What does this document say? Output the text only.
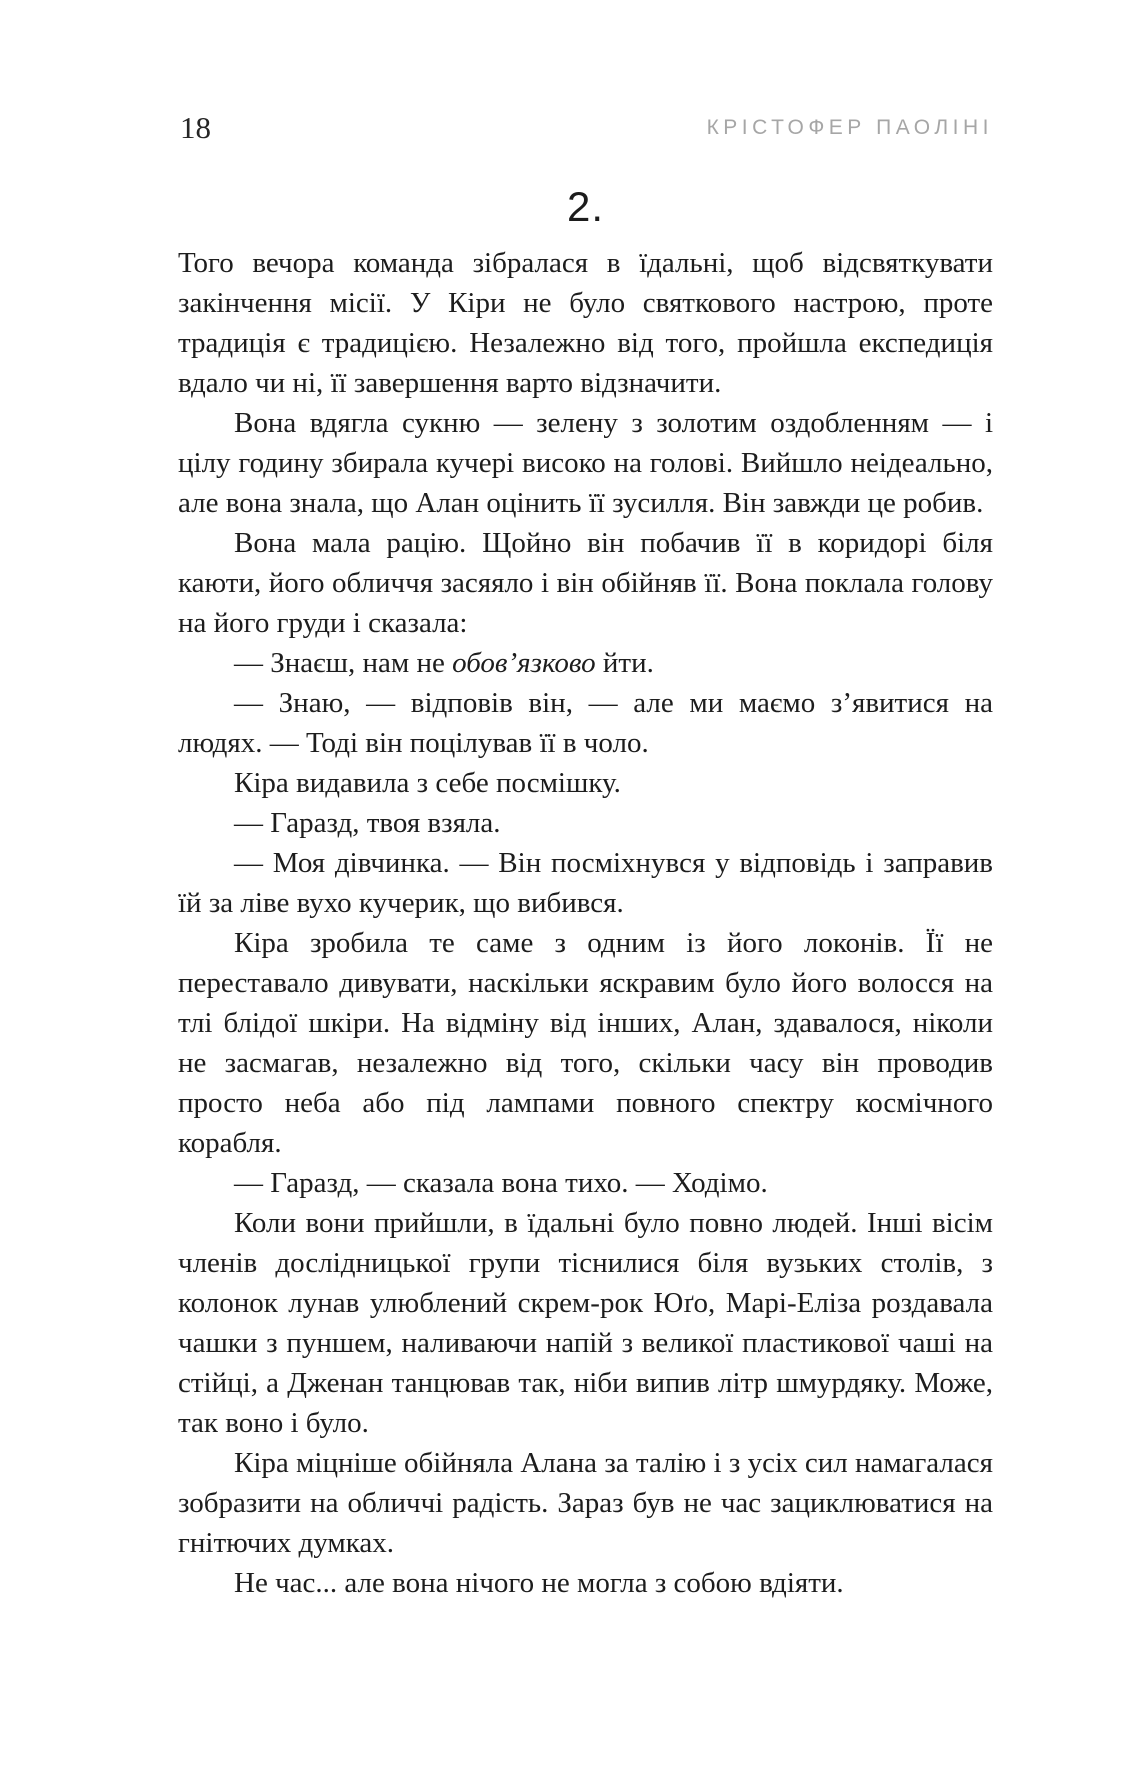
18	КРІСТОФЕР ПАОЛІНІ
2.

Того вечора команда зібралася в їдальні, щоб відсвяткувати закінчення місії. У Кіри не було святкового настрою, проте традиція є традицією. Незалежно від того, пройшла експедиція вдало чи ні, її завершення варто відзначити.

Вона вдягла сукню — зелену з золотим оздобленням — і цілу годину збирала кучері високо на голові. Вийшло неідеально, але вона знала, що Алан оцінить її зусилля. Він завжди це робив.

Вона мала рацію. Щойно він побачив її в коридорі біля каюти, його обличчя засяяло і він обійняв її. Вона поклала голову на його груди і сказала:

— Знаєш, нам не обов’язково йти.

— Знаю, — відповів він, — але ми маємо з’явитися на людях. — Тоді він поцілував її в чоло.

Кіра видавила з себе посмішку.

— Гаразд, твоя взяла.

— Моя дівчинка. — Він посміхнувся у відповідь і заправив їй за ліве вухо кучерик, що вибився.

Кіра зробила те саме з одним із його локонів. Її не переставало дивувати, наскільки яскравим було його волосся на тлі блідої шкіри. На відміну від інших, Алан, здавалося, ніколи не засмагав, незалежно від того, скільки часу він проводив просто неба або під лампами повного спектру космічного корабля.

— Гаразд, — сказала вона тихо. — Ходімо.

Коли вони прийшли, в їдальні було повно людей. Інші вісім членів дослідницької групи тіснилися біля вузьких столів, з колонок лунав улюблений скрем-рок Юґо, Марі-Еліза роздавала чашки з пуншем, наливаючи напій з великої пластикової чаші на стійці, а Дженан танцював так, ніби випив літр шмурдяку. Може, так воно і було.

Кіра міцніше обійняла Алана за талію і з усіх сил намагалася зобразити на обличчі радість. Зараз був не час зациклюватися на гнітючих думках.

Не час... але вона нічого не могла з собою вдіяти.
